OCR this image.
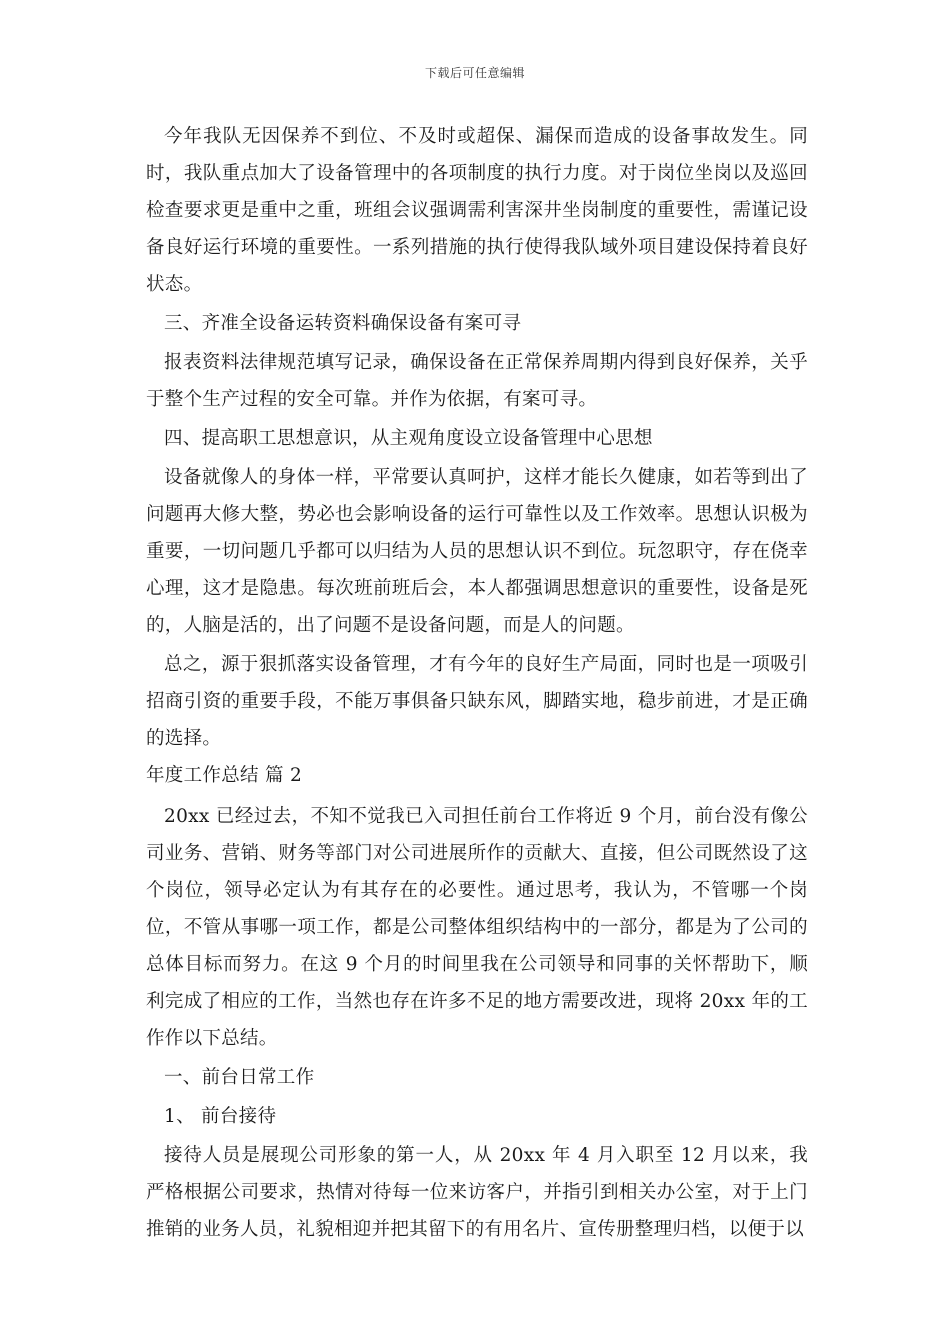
下载后可任意编辑

今年我队无因保养不到位、不及时或超保、漏保而造成的设备事故发生。同时，我队重点加大了设备管理中的各项制度的执行力度。对于岗位坐岗以及巡回检查要求更是重中之重，班组会议强调需利害深井坐岗制度的重要性，需谨记设备良好运行环境的重要性。一系列措施的执行使得我队域外项目建设保持着良好状态。

三、齐准全设备运转资料确保设备有案可寻

报表资料法律规范填写记录，确保设备在正常保养周期内得到良好保养，关乎于整个生产过程的安全可靠。并作为依据，有案可寻。

四、提高职工思想意识，从主观角度设立设备管理中心思想

设备就像人的身体一样，平常要认真呵护，这样才能长久健康，如若等到出了问题再大修大整，势必也会影响设备的运行可靠性以及工作效率。思想认识极为重要，一切问题几乎都可以归结为人员的思想认识不到位。玩忽职守，存在侥幸心理，这才是隐患。每次班前班后会，本人都强调思想意识的重要性，设备是死的，人脑是活的，出了问题不是设备问题，而是人的问题。

总之，源于狠抓落实设备管理，才有今年的良好生产局面，同时也是一项吸引招商引资的重要手段，不能万事俱备只缺东风，脚踏实地，稳步前进，才是正确的选择。

年度工作总结 篇 2

20xx 已经过去，不知不觉我已入司担任前台工作将近 9 个月，前台没有像公司业务、营销、财务等部门对公司进展所作的贡献大、直接，但公司既然设了这个岗位，领导必定认为有其存在的必要性。通过思考，我认为，不管哪一个岗位，不管从事哪一项工作，都是公司整体组织结构中的一部分，都是为了公司的总体目标而努力。在这 9 个月的时间里我在公司领导和同事的关怀帮助下，顺利完成了相应的工作，当然也存在许多不足的地方需要改进，现将 20xx 年的工作作以下总结。

一、前台日常工作

1、 前台接待

接待人员是展现公司形象的第一人，从 20xx 年 4 月入职至 12 月以来，我严格根据公司要求，热情对待每一位来访客户，并指引到相关办公室，对于上门推销的业务人员，礼貌相迎并把其留下的有用名片、宣传册整理归档，以便于以
